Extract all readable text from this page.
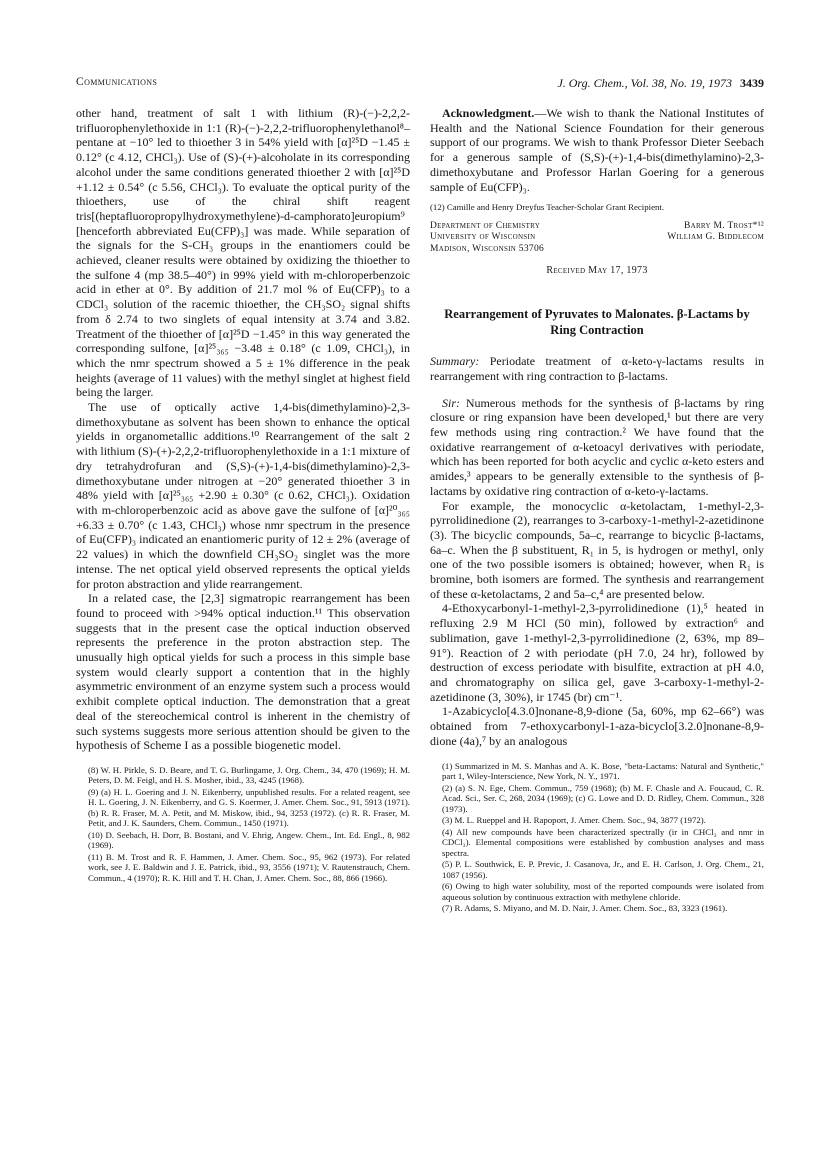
Communications	J. Org. Chem., Vol. 38, No. 19, 1973 3439

other hand, treatment of salt 1 with lithium (R)-(−)-2,2,2-trifluorophenylethoxide in 1:1 (R)-(−)-2,2,2-trifluorophenylethanol⁸–pentane at −10° led to thioether 3 in 54% yield with [α]²⁵D −1.45 ± 0.12° (c 4.12, CHCl₃). Use of (S)-(+)-alcoholate in its corresponding alcohol under the same conditions generated thioether 2 with [α]²⁵D +1.12 ± 0.54° (c 5.56, CHCl₃). To evaluate the optical purity of the thioethers, use of the chiral shift reagent tris[(heptafluoropropylhydroxymethylene)-d-camphorato]europium⁹ [henceforth abbreviated Eu(CFP)₃] was made. While separation of the signals for the S-CH₃ groups in the enantiomers could be achieved, cleaner results were obtained by oxidizing the thioether to the sulfone 4 (mp 38.5–40°) in 99% yield with m-chloroperbenzoic acid in ether at 0°. By addition of 21.7 mol % of Eu(CFP)₃ to a CDCl₃ solution of the racemic thioether, the CH₃SO₂ signal shifts from δ 2.74 to two singlets of equal intensity at 3.74 and 3.82. Treatment of the thioether of [α]²⁵D −1.45° in this way generated the corresponding sulfone, [α]²⁵₃₆₅ −3.48 ± 0.18° (c 1.09, CHCl₃), in which the nmr spectrum showed a 5 ± 1% difference in the peak heights (average of 11 values) with the methyl singlet at highest field being the larger.

The use of optically active 1,4-bis(dimethylamino)-2,3-dimethoxybutane as solvent has been shown to enhance the optical yields in organometallic additions.¹⁰ Rearrangement of the salt 2 with lithium (S)-(+)-2,2,2-trifluorophenylethoxide in a 1:1 mixture of dry tetrahydrofuran and (S,S)-(+)-1,4-bis(dimethylamino)-2,3-dimethoxybutane under nitrogen at −20° generated thioether 3 in 48% yield with [α]²⁵₃₆₅ +2.90 ± 0.30° (c 0.62, CHCl₃). Oxidation with m-chloroperbenzoic acid as above gave the sulfone of [α]²⁰₃₆₅ +6.33 ± 0.70° (c 1.43, CHCl₃) whose nmr spectrum in the presence of Eu(CFP)₃ indicated an enantiomeric purity of 12 ± 2% (average of 22 values) in which the downfield CH₃SO₂ singlet was the more intense. The net optical yield observed represents the optical yields for proton abstraction and ylide rearrangement.

In a related case, the [2,3] sigmatropic rearrangement has been found to proceed with >94% optical induction.¹¹ This observation suggests that in the present case the optical induction observed represents the preference in the proton abstraction step. The unusually high optical yields for such a process in this simple base system would clearly support a contention that in the highly asymmetric environment of an enzyme system such a process would exhibit complete optical induction. The demonstration that a great deal of the stereochemical control is inherent in the chemistry of such systems suggests more serious attention should be given to the hypothesis of Scheme I as a possible biogenetic model.

(8) W. H. Pirkle, S. D. Beare, and T. G. Burlingame, J. Org. Chem., 34, 470 (1969); H. M. Peters, D. M. Feigl, and H. S. Mosher, ibid., 33, 4245 (1968).

(9) (a) H. L. Goering and J. N. Eikenberry, unpublished results. For a related reagent, see H. L. Goering, J. N. Eikenberry, and G. S. Koermer, J. Amer. Chem. Soc., 91, 5913 (1971). (b) R. R. Fraser, M. A. Petit, and M. Miskow, ibid., 94, 3253 (1972). (c) R. R. Fraser, M. Petit, and J. K. Saunders, Chem. Commun., 1450 (1971).

(10) D. Seebach, H. Dorr, B. Bostani, and V. Ehrig, Angew. Chem., Int. Ed. Engl., 8, 982 (1969).

(11) B. M. Trost and R. F. Hammen, J. Amer. Chem. Soc., 95, 962 (1973). For related work, see J. E. Baldwin and J. E. Patrick, ibid., 93, 3556 (1971); V. Rautenstrauch, Chem. Commun., 4 (1970); R. K. Hill and T. H. Chan, J. Amer. Chem. Soc., 88, 866 (1966).

Acknowledgment.—We wish to thank the National Institutes of Health and the National Science Foundation for their generous support of our programs. We wish to thank Professor Dieter Seebach for a generous sample of (S,S)-(+)-1,4-bis(dimethylamino)-2,3-dimethoxybutane and Professor Harlan Goering for a generous sample of Eu(CFP)₃.

(12) Camille and Henry Dreyfus Teacher-Scholar Grant Recipient.

Department of Chemistry
University of Wisconsin
Madison, Wisconsin 53706
Barry M. Trost*¹²
William G. Biddlecom
Received May 17, 1973
Rearrangement of Pyruvates to Malonates. β-Lactams by Ring Contraction

Summary: Periodate treatment of α-keto-γ-lactams results in rearrangement with ring contraction to β-lactams.

Sir: Numerous methods for the synthesis of β-lactams by ring closure or ring expansion have been developed,¹ but there are very few methods using ring contraction.² We have found that the oxidative rearrangement of α-ketoacyl derivatives with periodate, which has been reported for both acyclic and cyclic α-keto esters and amides,³ appears to be generally extensible to the synthesis of β-lactams by oxidative ring contraction of α-keto-γ-lactams.

For example, the monocyclic α-ketolactam, 1-methyl-2,3-pyrrolidinedione (2), rearranges to 3-carboxy-1-methyl-2-azetidinone (3). The bicyclic compounds, 5a–c, rearrange to bicyclic β-lactams, 6a–c. When the β substituent, R₁ in 5, is hydrogen or methyl, only one of the two possible isomers is obtained; however, when R₁ is bromine, both isomers are formed. The synthesis and rearrangement of these α-ketolactams, 2 and 5a–c,⁴ are presented below.

4-Ethoxycarbonyl-1-methyl-2,3-pyrrolidinedione (1),⁵ heated in refluxing 2.9 M HCl (50 min), followed by extraction⁶ and sublimation, gave 1-methyl-2,3-pyrrolidinedione (2, 63%, mp 89–91°). Reaction of 2 with periodate (pH 7.0, 24 hr), followed by destruction of excess periodate with bisulfite, extraction at pH 4.0, and chromatography on silica gel, gave 3-carboxy-1-methyl-2-azetidinone (3, 30%), ir 1745 (br) cm⁻¹.

1-Azabicyclo[4.3.0]nonane-8,9-dione (5a, 60%, mp 62–66°) was obtained from 7-ethoxycarbonyl-1-aza-bicyclo[3.2.0]nonane-8,9-dione (4a),⁷ by an analogous

(1) Summarized in M. S. Manhas and A. K. Bose, "beta-Lactams: Natural and Synthetic," part 1, Wiley-Interscience, New York, N. Y., 1971.

(2) (a) S. N. Ege, Chem. Commun., 759 (1968); (b) M. F. Chasle and A. Foucaud, C. R. Acad. Sci., Ser. C, 268, 2034 (1969); (c) G. Lowe and D. D. Ridley, Chem. Commun., 328 (1973).

(3) M. L. Rueppel and H. Rapoport, J. Amer. Chem. Soc., 94, 3877 (1972).

(4) All new compounds have been characterized spectrally (ir in CHCl₃ and nmr in CDCl₃). Elemental compositions were established by combustion analyses and mass spectra.

(5) P. L. Southwick, E. P. Previc, J. Casanova, Jr., and E. H. Carlson, J. Org. Chem., 21, 1087 (1956).

(6) Owing to high water solubility, most of the reported compounds were isolated from aqueous solution by continuous extraction with methylene chloride.

(7) R. Adams, S. Miyano, and M. D. Nair, J. Amer. Chem. Soc., 83, 3323 (1961).
